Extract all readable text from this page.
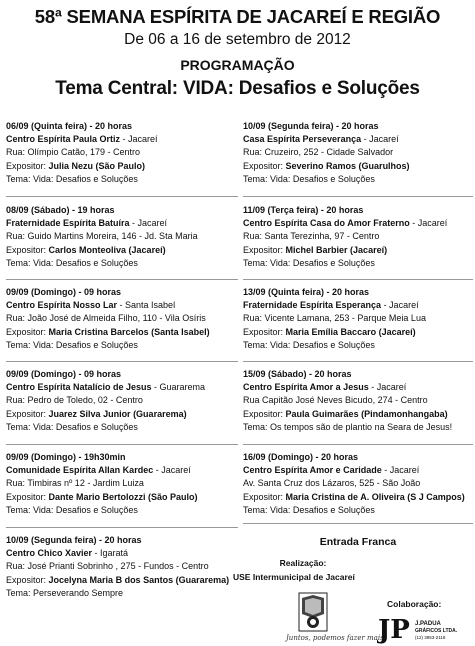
58ª SEMANA ESPÍRITA DE JACAREÍ E REGIÃO
De 06 a 16 de setembro de 2012
PROGRAMAÇÃO
Tema Central: VIDA: Desafios e Soluções
06/09 (Quinta feira) - 20 horas
Centro Espírita Paula Ortiz - Jacareí
Rua: Olímpio Catão, 179 - Centro
Expositor: Julia Nezu (São Paulo)
Tema: Vida: Desafios e Soluções
08/09 (Sábado) - 19 horas
Fraternidade Espírita Batuíra - Jacareí
Rua: Guido Martins Moreira, 146 - Jd. Sta Maria
Expositor: Carlos Monteoliva (Jacareí)
Tema: Vida: Desafios e Soluções
09/09 (Domingo) - 09 horas
Centro Espírita Nosso Lar - Santa Isabel
Rua: João José de Almeida Filho, 110 - Vila Osíris
Expositor: Maria Cristina Barcelos (Santa Isabel)
Tema: Vida: Desafios e Soluções
09/09 (Domingo) - 09 horas
Centro Espírita Natalício de Jesus - Guararema
Rua: Pedro de Toledo, 02 - Centro
Expositor: Juarez Silva Junior (Guararema)
Tema: Vida: Desafios e Soluções
09/09 (Domingo) - 19h30min
Comunidade Espírita Allan Kardec - Jacareí
Rua: Timbiras nº 12 - Jardim Luiza
Expositor: Dante Mario Bertolozzi (São Paulo)
Tema: Vida: Desafios e Soluções
10/09 (Segunda feira) - 20 horas
Centro Chico Xavier - Igaratá
Rua: José Prianti Sobrinho , 275 - Fundos - Centro
Expositor: Jocelyna Maria B dos Santos (Guararema)
Tema: Perseverando Sempre
10/09 (Segunda feira) - 20 horas
Casa Espírita Perseverança - Jacareí
Rua: Cruzeiro, 252 - Cidade Salvador
Expositor: Severino Ramos (Guarulhos)
Tema: Vida: Desafios e Soluções
11/09 (Terça feira) - 20 horas
Centro Espírita Casa do Amor Fraterno - Jacareí
Rua: Santa Terezinha, 97 - Centro
Expositor: Michel Barbier (Jacareí)
Tema: Vida: Desafios e Soluções
13/09 (Quinta feira) - 20 horas
Fraternidade Espírita Esperança - Jacareí
Rua: Vicente Lamana, 253 - Parque Meia Lua
Expositor: Maria Emília Baccaro (Jacareí)
Tema: Vida: Desafios e Soluções
15/09 (Sábado) - 20 horas
Centro Espírita Amor a Jesus - Jacareí
Rua Capitão José Neves Bicudo, 274 - Centro
Expositor: Paula Guimarães (Pindamonhangaba)
Tema: Os tempos são de plantio na Seara de Jesus!
16/09 (Domingo) - 20 horas
Centro Espírita Amor e Caridade - Jacareí
Av. Santa Cruz dos Lázaros, 525 - São João
Expositor: Maria Cristina de A. Oliveira (S J Campos)
Tema: Vida: Desafios e Soluções
Entrada Franca
Realização:
USE Intermunicipal de Jacareí
Juntos, podemos fazer mais.
Colaboração:
JP J.PADUA
GRÁFICOS LTDA.
(12) 3953-2118
